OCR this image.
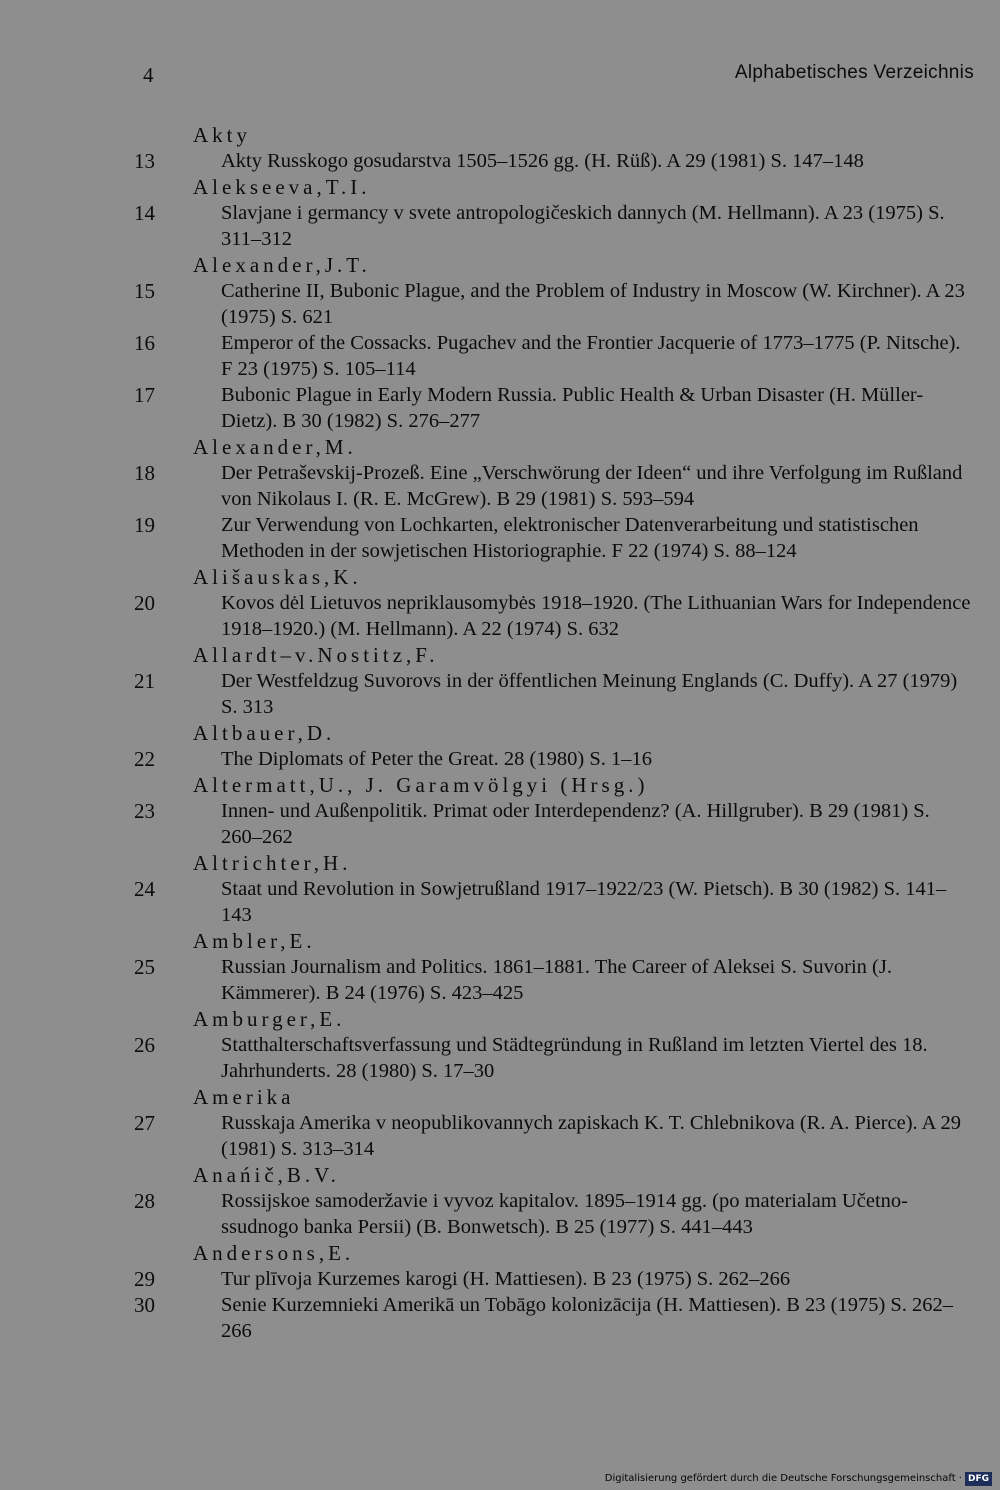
4	Alphabetisches Verzeichnis
Akty
13	Akty Russkogo gosudarstva 1505–1526 gg. (H. Rüß). A 29 (1981) S. 147–148
Alekseeva,T.I.
14	Slavjane i germancy v svete antropologičeskich dannych (M. Hellmann). A 23 (1975) S. 311–312
Alexander,J.T.
15	Catherine II, Bubonic Plague, and the Problem of Industry in Moscow (W. Kirchner). A 23 (1975) S. 621
16	Emperor of the Cossacks. Pugachev and the Frontier Jacquerie of 1773–1775 (P. Nitsche). F 23 (1975) S. 105–114
17	Bubonic Plague in Early Modern Russia. Public Health & Urban Disaster (H. Müller-Dietz). B 30 (1982) S. 276–277
Alexander,M.
18	Der Petraševskij-Prozeß. Eine „Verschwörung der Ideen“ und ihre Verfolgung im Rußland von Nikolaus I. (R. E. McGrew). B 29 (1981) S. 593–594
19	Zur Verwendung von Lochkarten, elektronischer Datenverarbeitung und statistischen Methoden in der sowjetischen Historiographie. F 22 (1974) S. 88–124
Ališauskas,K.
20	Kovos dėl Lietuvos nepriklausomybės 1918–1920. (The Lithuanian Wars for Independence 1918–1920.) (M. Hellmann). A 22 (1974) S. 632
Allardt–v.Nostitz,F.
21	Der Westfeldzug Suvorovs in der öffentlichen Meinung Englands (C. Duffy). A 27 (1979) S. 313
Altbauer,D.
22	The Diplomats of Peter the Great. 28 (1980) S. 1–16
Altermatt,U., J. Garamvölgyi (Hrsg.)
23	Innen- und Außenpolitik. Primat oder Interdependenz? (A. Hillgruber). B 29 (1981) S. 260–262
Altrichter,H.
24	Staat und Revolution in Sowjetrußland 1917–1922/23 (W. Pietsch). B 30 (1982) S. 141–143
Ambler,E.
25	Russian Journalism and Politics. 1861–1881. The Career of Aleksei S. Suvorin (J. Kämmerer). B 24 (1976) S. 423–425
Amburger,E.
26	Statthalterschaftsverfassung und Städtegründung in Rußland im letzten Viertel des 18. Jahrhunderts. 28 (1980) S. 17–30
Amerika
27	Russkaja Amerika v neopublikovannych zapiskach K. T. Chlebnikova (R. A. Pierce). A 29 (1981) S. 313–314
Anańič,B.V.
28	Rossijskoe samoderžavie i vyvoz kapitalov. 1895–1914 gg. (po materialam Učetno-ssudnogo banka Persii) (B. Bonwetsch). B 25 (1977) S. 441–443
Andersons,E.
29	Tur plīvoja Kurzemes karogi (H. Mattiesen). B 23 (1975) S. 262–266
30	Senie Kurzemnieki Amerikā un Tobāgo kolonizācija (H. Mattiesen). B 23 (1975) S. 262–266
Digitalisierung gefördert durch die Deutsche Forschungsgemeinschaft · DFG
